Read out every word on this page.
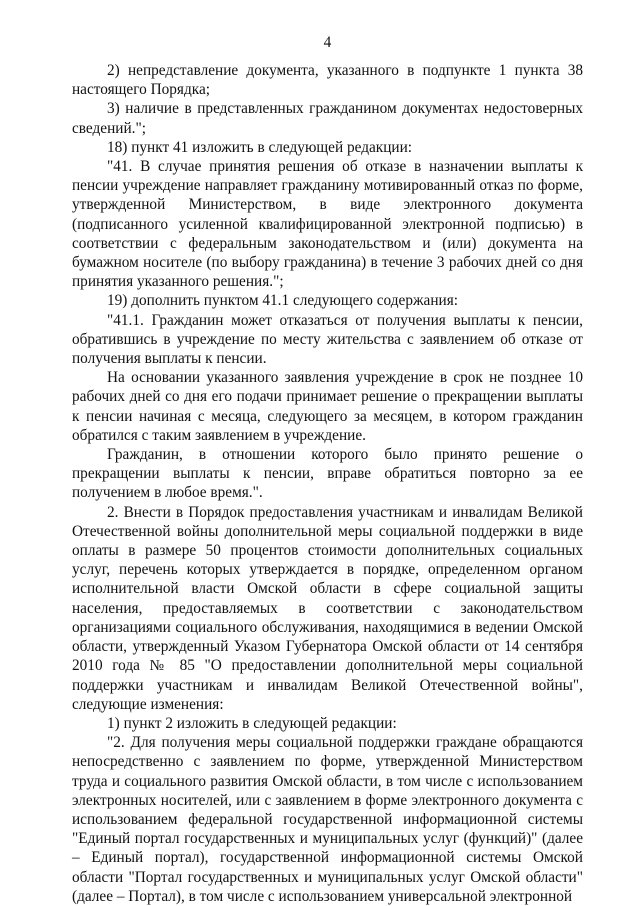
4

2) непредставление документа, указанного в подпункте 1 пункта 38 настоящего Порядка;

3) наличие в представленных гражданином документах недостоверных сведений.";

18) пункт 41 изложить в следующей редакции:

"41. В случае принятия решения об отказе в назначении выплаты к пенсии учреждение направляет гражданину мотивированный отказ по форме, утвержденной Министерством, в виде электронного документа (подписанного усиленной квалифицированной электронной подписью) в соответствии с федеральным законодательством и (или) документа на бумажном носителе (по выбору гражданина) в течение 3 рабочих дней со дня принятия указанного решения.";

19) дополнить пунктом 41.1 следующего содержания:

"41.1. Гражданин может отказаться от получения выплаты к пенсии, обратившись в учреждение по месту жительства с заявлением об отказе от получения выплаты к пенсии.

На основании указанного заявления учреждение в срок не позднее 10 рабочих дней со дня его подачи принимает решение о прекращении выплаты к пенсии начиная с месяца, следующего за месяцем, в котором гражданин обратился с таким заявлением в учреждение.

Гражданин, в отношении которого было принято решение о прекращении выплаты к пенсии, вправе обратиться повторно за ее получением в любое время.".

2. Внести в Порядок предоставления участникам и инвалидам Великой Отечественной войны дополнительной меры социальной поддержки в виде оплаты в размере 50 процентов стоимости дополнительных социальных услуг, перечень которых утверждается в порядке, определенном органом исполнительной власти Омской области в сфере социальной защиты населения, предоставляемых в соответствии с законодательством организациями социального обслуживания, находящимися в ведении Омской области, утвержденный Указом Губернатора Омской области от 14 сентября 2010 года № 85 "О предоставлении дополнительной меры социальной поддержки участникам и инвалидам Великой Отечественной войны", следующие изменения:

1) пункт 2 изложить в следующей редакции:

"2. Для получения меры социальной поддержки граждане обращаются непосредственно с заявлением по форме, утвержденной Министерством труда и социального развития Омской области, в том числе с использованием электронных носителей, или с заявлением в форме электронного документа с использованием федеральной государственной информационной системы "Единый портал государственных и муниципальных услуг (функций)" (далее – Единый портал), государственной информационной системы Омской области "Портал государственных и муниципальных услуг Омской области" (далее – Портал), в том числе с использованием универсальной электронной
